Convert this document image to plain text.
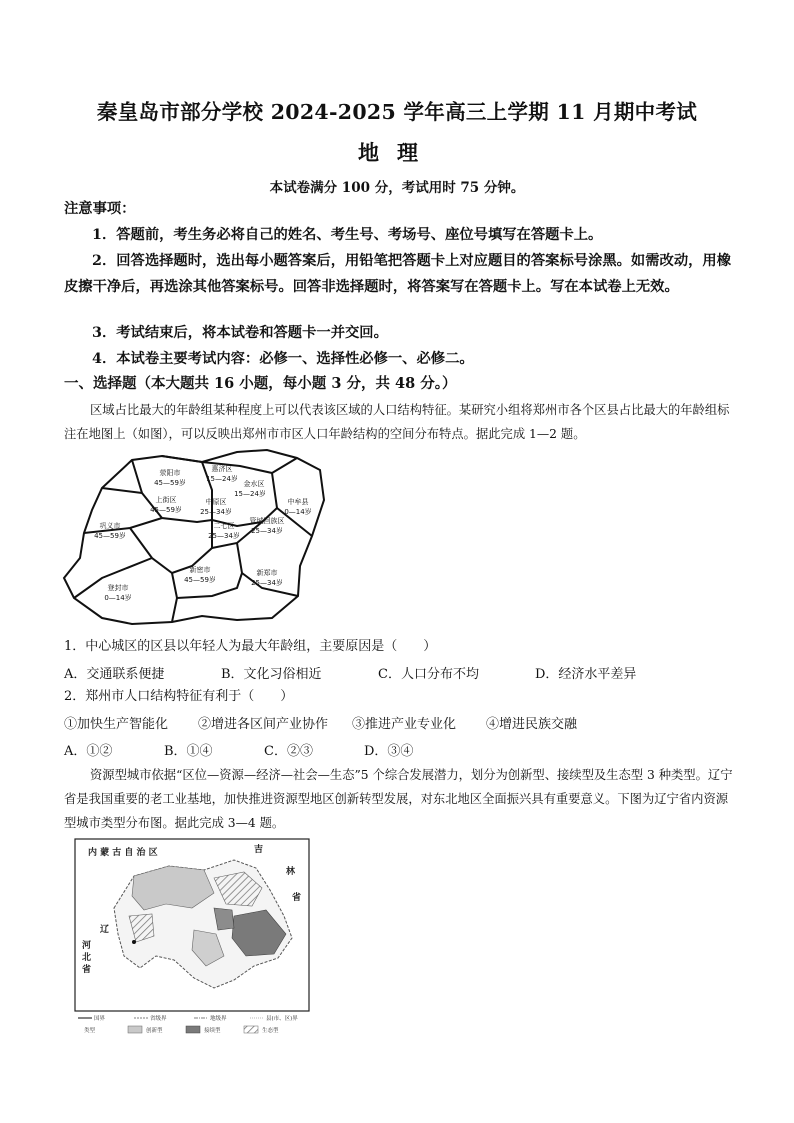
秦皇岛市部分学校 2024-2025 学年高三上学期 11 月期中考试
地理
本试卷满分 100 分，考试用时 75 分钟。
注意事项：
1．答题前，考生务必将自己的姓名、考生号、考场号、座位号填写在答题卡上。
2．回答选择题时，选出每小题答案后，用铅笔把答题卡上对应题目的答案标号涂黑。如需改动，用橡皮擦干净后，再选涂其他答案标号。回答非选择题时，将答案写在答题卡上。写在本试卷上无效。
3．考试结束后，将本试卷和答题卡一并交回。
4．本试卷主要考试内容：必修一、选择性必修一、必修二。
一、选择题（本大题共 16 小题，每小题 3 分，共 48 分。）
区域占比最大的年龄组某种程度上可以代表该区域的人口结构特征。某研究小组将郑州市各个区县占比最大的年龄组标注在地图上（如图），可以反映出郑州市市区人口年龄结构的空间分布特点。据此完成 1—2 题。
荥阳市
45—59岁
惠济区
15—24岁
金水区
15—24岁
上街区
45—59岁
中原区
25—34岁
中牟县
0—14岁
二七区
25—34岁
管城回族区
25—34岁
巩义市
45—59岁
新密市
45—59岁
新郑市
25—34岁
登封市
0—14岁
1．中心城区的区县以年轻人为最大年龄组，主要原因是（　　）
A．交通联系便捷	B．文化习俗相近	C．人口分布不均	D．经济水平差异
2．郑州市人口结构特征有利于（　　）
①加快生产智能化	②增进各区间产业协作	③推进产业专业化	④增进民族交融
A．①②	B．①④	C．②③	D．③④
资源型城市依据“区位—资源—经济—社会—生态”5 个综合发展潜力，划分为创新型、接续型及生态型 3 种类型。辽宁省是我国重要的老工业基地，加快推进资源型地区创新转型发展，对东北地区全面振兴具有重要意义。下图为辽宁省内资源型城市类型分布图。据此完成 3—4 题。
内 蒙 古 自 治 区	吉
林
省
辽
河
北
省
国界	省级界	地级界	县(市、区)界
类型	创新型	接续型	生态型
